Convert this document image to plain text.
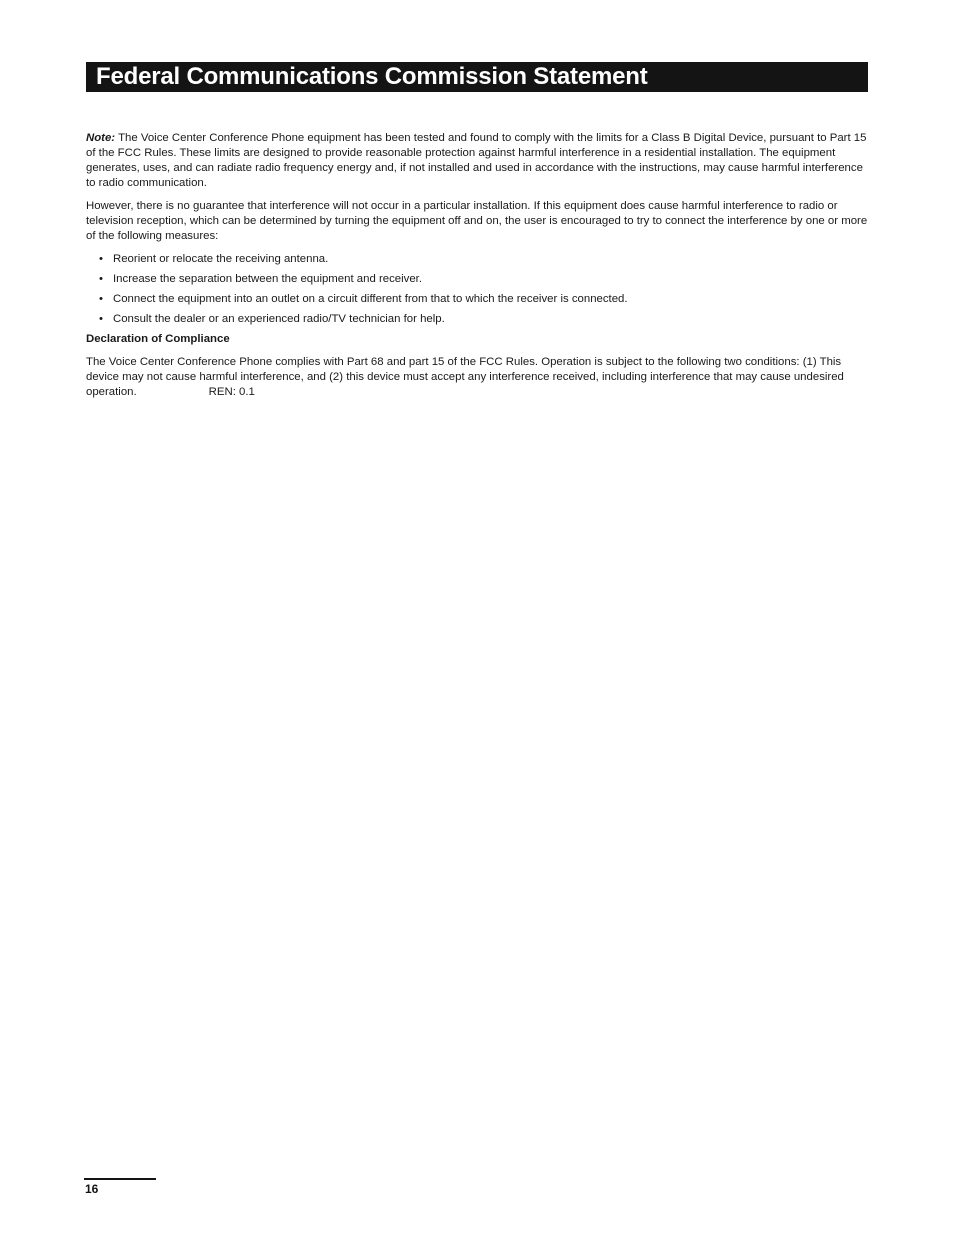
Federal Communications Commission Statement

Note: The Voice Center Conference Phone equipment has been tested and found to comply with the limits for a Class B Digital Device, pursuant to Part 15 of the FCC Rules. These limits are designed to provide reasonable protection against harmful interference in a residential installation. The equipment generates, uses, and can radiate radio frequency energy and, if not installed and used in accordance with the instructions, may cause harmful interference to radio communication.

However, there is no guarantee that interference will not occur in a particular installation. If this equipment does cause harmful interference to radio or television reception, which can be determined by turning the equipment off and on, the user is encouraged to try to connect the interference by one or more of the following measures:

• Reorient or relocate the receiving antenna.
• Increase the separation between the equipment and receiver.
• Connect the equipment into an outlet on a circuit different from that to which the receiver is connected.
• Consult the dealer or an experienced radio/TV technician for help.

Declaration of Compliance

The Voice Center Conference Phone complies with Part 68 and part 15 of the FCC Rules. Operation is subject to the following two conditions: (1) This device may not cause harmful interference, and (2) this device must accept any interference received, including interference that may cause undesired operation.	REN: 0.1

16
